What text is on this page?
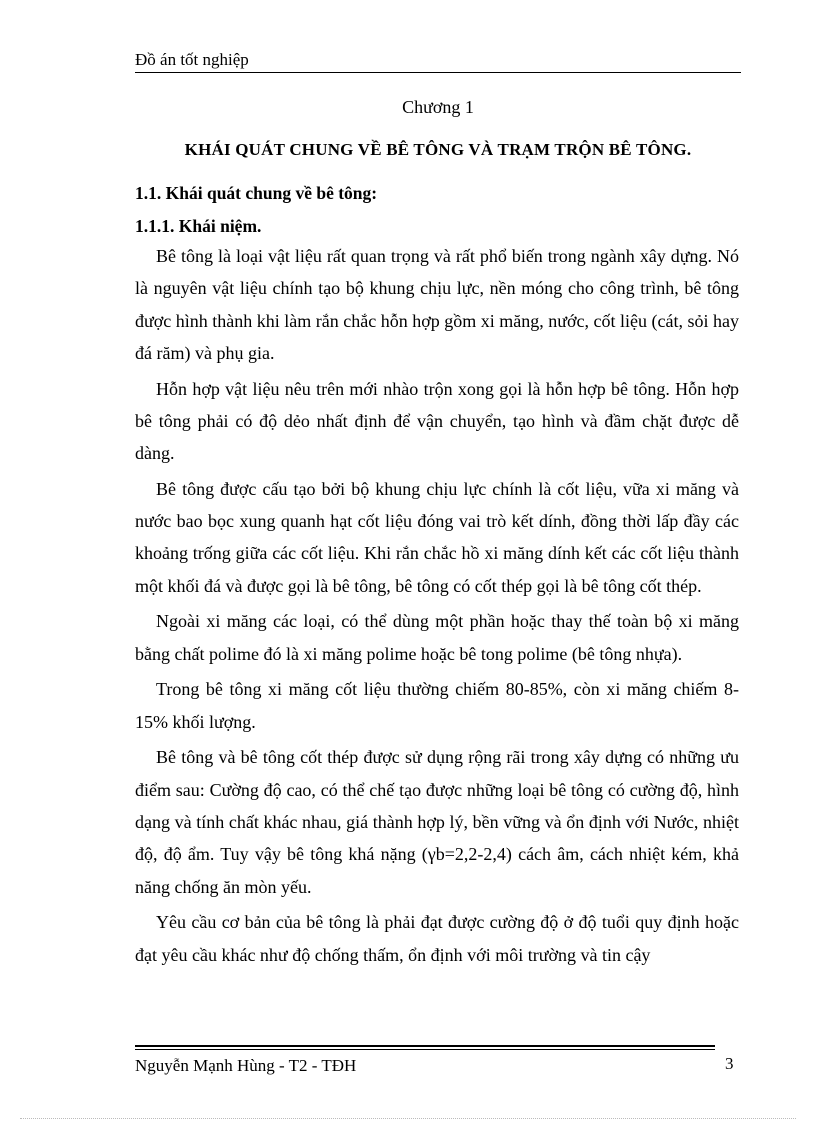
Đồ án tốt nghiệp
Chương 1
KHÁI QUÁT CHUNG VỀ BÊ TÔNG VÀ TRẠM TRỘN BÊ TÔNG.
1.1. Khái quát chung về bê tông:
1.1.1. Khái niệm.

Bê tông là loại vật liệu rất quan trọng và rất phổ biến trong ngành xây dựng. Nó là nguyên vật liệu chính tạo bộ khung chịu lực, nền móng cho công trình, bê tông được hình thành khi làm rắn chắc hỗn hợp gồm xi măng, nước, cốt liệu (cát, sỏi hay đá răm) và phụ gia.

Hỗn hợp vật liệu nêu trên mới nhào trộn xong gọi là hỗn hợp bê tông. Hỗn hợp bê tông phải có độ dẻo nhất định để vận chuyển, tạo hình và đầm chặt được dễ dàng.

Bê tông được cấu tạo bởi bộ khung chịu lực chính là cốt liệu, vữa xi măng và nước bao bọc xung quanh hạt cốt liệu đóng vai trò kết dính, đồng thời lấp đầy các khoảng trống giữa các cốt liệu. Khi rắn chắc hồ xi măng dính kết các cốt liệu thành một khối đá và được gọi là bê tông, bê tông có cốt thép gọi là bê tông cốt thép.

Ngoài xi măng các loại, có thể dùng một phần hoặc thay thế toàn bộ xi măng bằng chất polime đó là xi măng polime hoặc bê tong polime (bê tông nhựa).

Trong bê tông xi măng cốt liệu thường chiếm 80-85%, còn xi măng chiếm 8-15% khối lượng.

Bê tông và bê tông cốt thép được sử dụng rộng rãi trong xây dựng có những ưu điểm sau: Cường độ cao, có thể chế tạo được những loại bê tông có cường độ, hình dạng và tính chất khác nhau, giá thành hợp lý, bền vững và ổn định với Nước, nhiệt độ, độ ẩm. Tuy vậy bê tông khá nặng (γb=2,2-2,4) cách âm, cách nhiệt kém, khả năng chống ăn mòn yếu.

Yêu cầu cơ bản của bê tông là phải đạt được cường độ ở độ tuổi quy định hoặc đạt yêu cầu khác như độ chống thấm, ổn định với môi trường và tin cậy

Nguyễn Mạnh Hùng - T2 - TĐH	3
